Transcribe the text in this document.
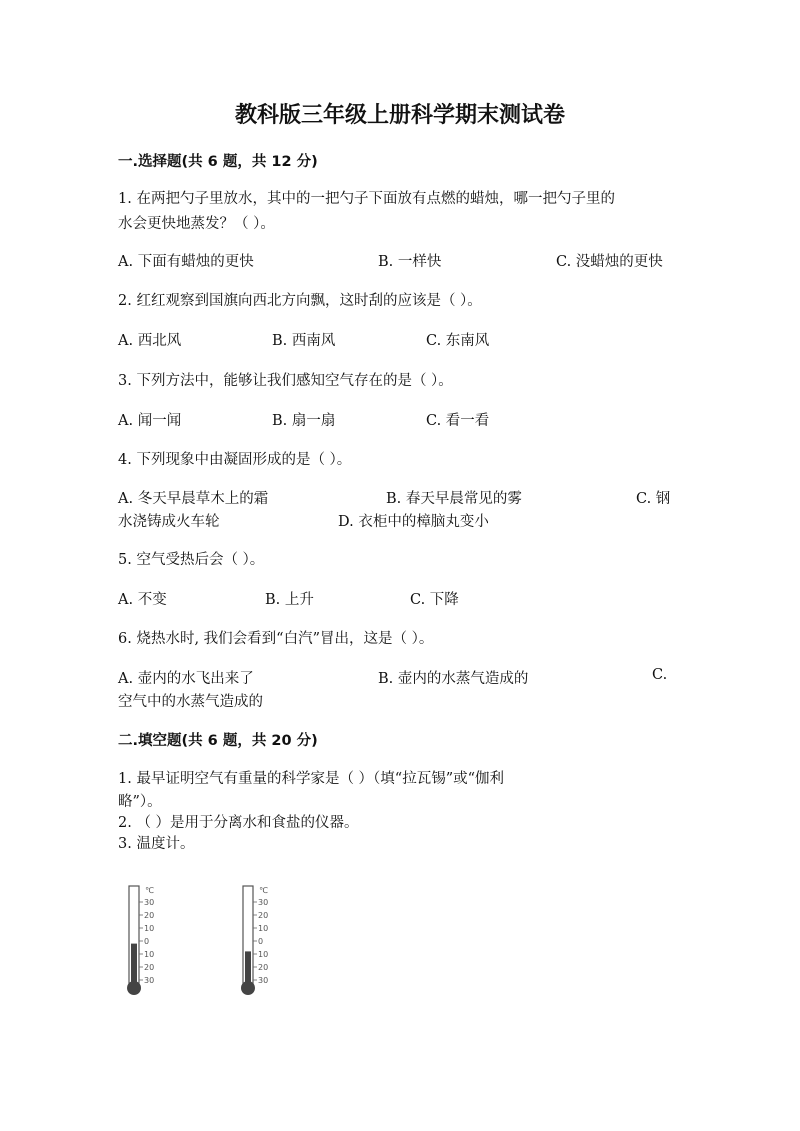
教科版三年级上册科学期末测试卷
一.选择题(共 6 题，共 12 分)
1. 在两把勺子里放水，其中的一把勺子下面放有点燃的蜡烛，哪一把勺子里的
水会更快地蒸发？（ ）。
A. 下面有蜡烛的更快	B. 一样快	C. 没蜡烛的更快
2. 红红观察到国旗向西北方向飘，这时刮的应该是（ ）。
A. 西北风	B. 西南风	C. 东南风
3. 下列方法中，能够让我们感知空气存在的是（ ）。
A. 闻一闻	B. 扇一扇	C. 看一看
4. 下列现象中由凝固形成的是（ ）。
A. 冬天早晨草木上的霜	B. 春天早晨常见的雾	C. 钢
水浇铸成火车轮	D. 衣柜中的樟脑丸变小
5. 空气受热后会（ ）。
A. 不变	B. 上升	C. 下降
6. 烧热水时, 我们会看到“白汽”冒出，这是（ ）。
A. 壶内的水飞出来了	B. 壶内的水蒸气造成的	C.
空气中的水蒸气造成的
二.填空题(共 6 题，共 20 分)
1. 最早证明空气有重量的科学家是（ ）（填“拉瓦锡”或“伽利
略”）。
2. （ ）是用于分离水和食盐的仪器。
3. 温度计。
30
20
10
0
10
20
30
℃
30
20
10
0
10
20
30
℃
